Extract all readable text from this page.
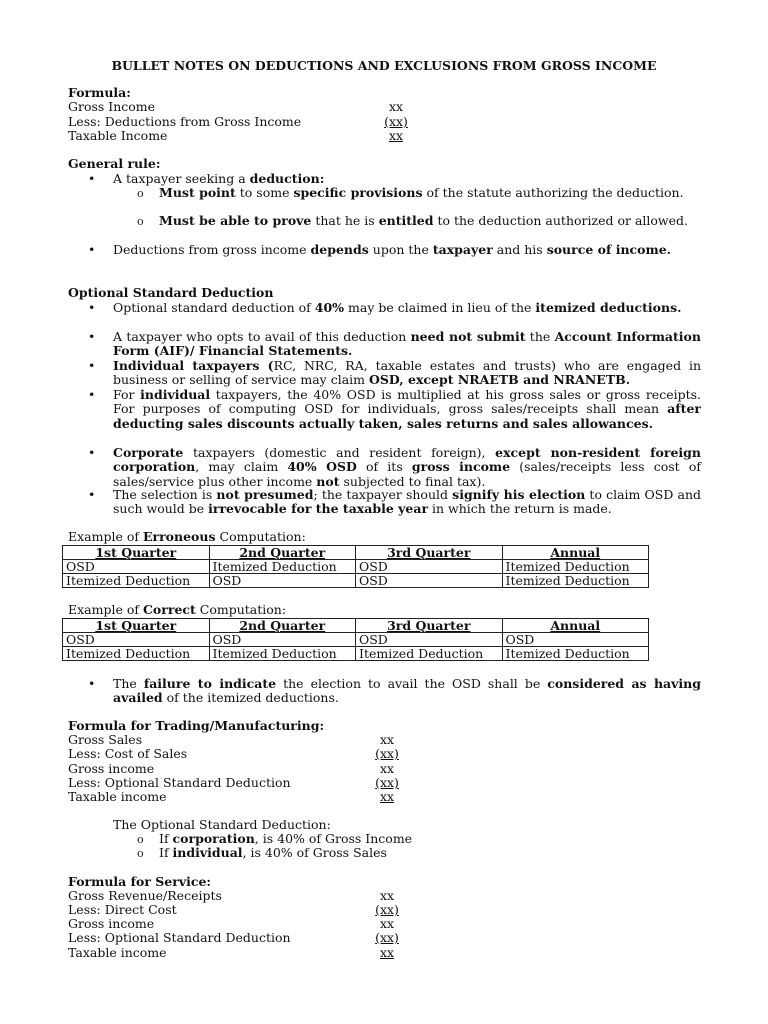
BULLET NOTES ON DEDUCTIONS AND EXCLUSIONS FROM GROSS INCOME
Formula:
Gross Income	xx
Less: Deductions from Gross Income	(xx)
Taxable Income	xx
General rule:
• A taxpayer seeking a deduction:
o Must point to some specific provisions of the statute authorizing the deduction.
o Must be able to prove that he is entitled to the deduction authorized or allowed.
• Deductions from gross income depends upon the taxpayer and his source of income.
Optional Standard Deduction
• Optional standard deduction of 40% may be claimed in lieu of the itemized deductions.
• A taxpayer who opts to avail of this deduction need not submit the Account Information Form (AIF)/ Financial Statements.
• Individual taxpayers (RC, NRC, RA, taxable estates and trusts) who are engaged in business or selling of service may claim OSD, except NRAETB and NRANETB.
• For individual taxpayers, the 40% OSD is multiplied at his gross sales or gross receipts. For purposes of computing OSD for individuals, gross sales/receipts shall mean after deducting sales discounts actually taken, sales returns and sales allowances.
• Corporate taxpayers (domestic and resident foreign), except non-resident foreign corporation, may claim 40% OSD of its gross income (sales/receipts less cost of sales/service plus other income not subjected to final tax).
• The selection is not presumed; the taxpayer should signify his election to claim OSD and such would be irrevocable for the taxable year in which the return is made.
Example of Erroneous Computation:
1st Quarter	2nd Quarter	3rd Quarter	Annual
OSD	Itemized Deduction	OSD	Itemized Deduction
Itemized Deduction	OSD	OSD	Itemized Deduction
Example of Correct Computation:
1st Quarter	2nd Quarter	3rd Quarter	Annual
OSD	OSD	OSD	OSD
Itemized Deduction	Itemized Deduction	Itemized Deduction	Itemized Deduction
• The failure to indicate the election to avail the OSD shall be considered as having availed of the itemized deductions.
Formula for Trading/Manufacturing:
Gross Sales	xx
Less: Cost of Sales	(xx)
Gross income	xx
Less: Optional Standard Deduction	(xx)
Taxable income	xx
The Optional Standard Deduction:
o If corporation, is 40% of Gross Income
o If individual, is 40% of Gross Sales
Formula for Service:
Gross Revenue/Receipts	xx
Less: Direct Cost	(xx)
Gross income	xx
Less: Optional Standard Deduction	(xx)
Taxable income	xx
